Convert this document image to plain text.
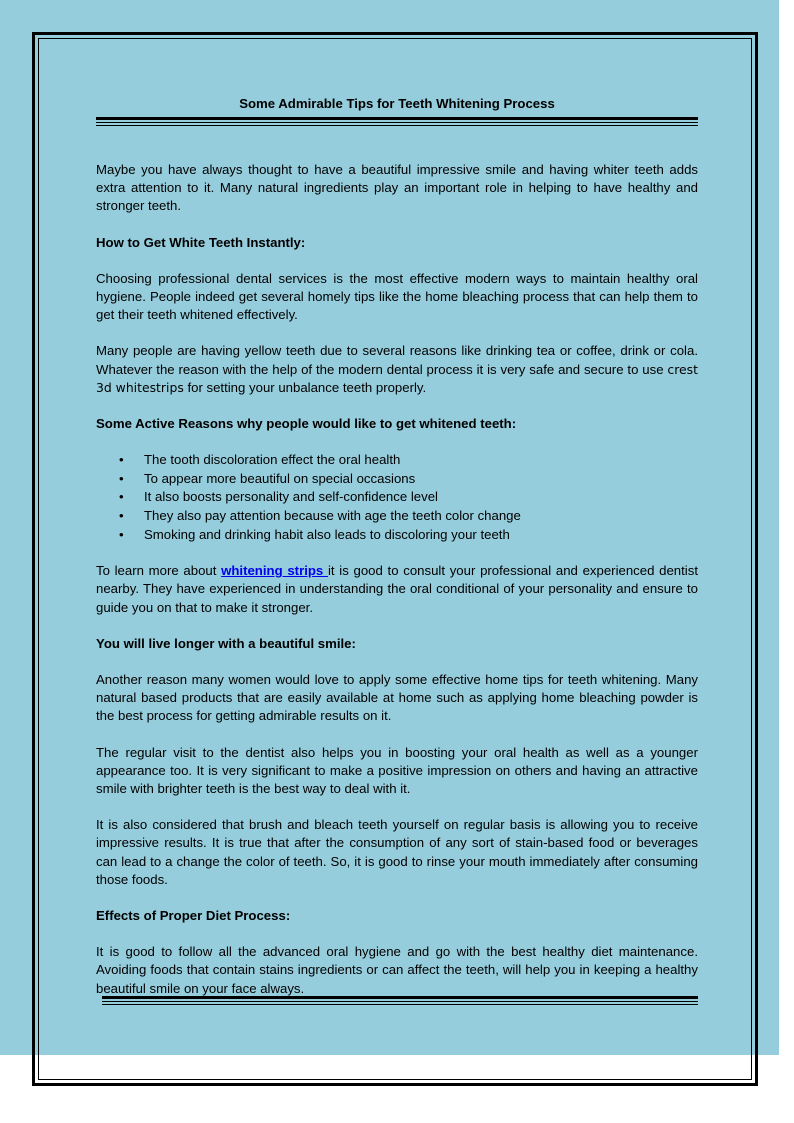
Some Admirable Tips for Teeth Whitening Process

Maybe you have always thought to have a beautiful impressive smile and having whiter teeth adds extra attention to it. Many natural ingredients play an important role in helping to have healthy and stronger teeth.

How to Get White Teeth Instantly:

Choosing professional dental services is the most effective modern ways to maintain healthy oral hygiene. People indeed get several homely tips like the home bleaching process that can help them to get their teeth whitened effectively.

Many people are having yellow teeth due to several reasons like drinking tea or coffee, drink or cola. Whatever the reason with the help of the modern dental process it is very safe and secure to use crest 3d whitestrips for setting your unbalance teeth properly.

Some Active Reasons why people would like to get whitened teeth:
• The tooth discoloration effect the oral health
• To appear more beautiful on special occasions
• It also boosts personality and self-confidence level
• They also pay attention because with age the teeth color change
• Smoking and drinking habit also leads to discoloring your teeth

To learn more about whitening strips it is good to consult your professional and experienced dentist nearby. They have experienced in understanding the oral conditional of your personality and ensure to guide you on that to make it stronger.

You will live longer with a beautiful smile:

Another reason many women would love to apply some effective home tips for teeth whitening. Many natural based products that are easily available at home such as applying home bleaching powder is the best process for getting admirable results on it.

The regular visit to the dentist also helps you in boosting your oral health as well as a younger appearance too. It is very significant to make a positive impression on others and having an attractive smile with brighter teeth is the best way to deal with it.

It is also considered that brush and bleach teeth yourself on regular basis is allowing you to receive impressive results. It is true that after the consumption of any sort of stain-based food or beverages can lead to a change the color of teeth. So, it is good to rinse your mouth immediately after consuming those foods.

Effects of Proper Diet Process:

It is good to follow all the advanced oral hygiene and go with the best healthy diet maintenance. Avoiding foods that contain stains ingredients or can affect the teeth, will help you in keeping a healthy beautiful smile on your face always.
